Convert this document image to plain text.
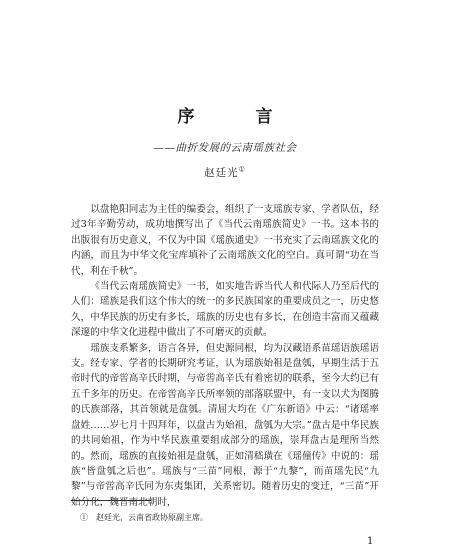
序　言
——曲折发展的云南瑶族社会
赵廷光①

以盘艳阳同志为主任的编委会，组织了一支瑶族专家、学者队伍，经过3年辛勤劳动，成功地撰写出了《当代云南瑶族简史》一书。这本书的出版很有历史意义，不仅为中国《瑶族通史》一书充实了云南瑶族文化的内涵，而且为中华文化宝库填补了云南瑶族文化的空白。真可谓“功在当代，利在千秋”。

《当代云南瑶族简史》一书，如实地告诉当代人和代际人乃至后代的人们：瑶族是我们这个伟大的统一的多民族国家的重要成员之一，历史悠久，中华民族的历史有多长，瑶族的历史也有多长，在创造丰富而又蕴藏深邃的中华文化进程中做出了不可磨灭的贡献。

瑶族支系繁多，语言各异，但史源同根，均为汉藏语系苗瑶语族瑶语支。经专家、学者的长期研究考证，认为瑶族始祖是盘瓠，早期生活于五帝时代的帝喾高辛氏时期，与帝喾高辛氏有着密切的联系，至今大约已有五千多年的历史。在帝喾高辛氏所率领的部落联盟中，有一支以犬为图腾的氏族部落，其首领就是盘瓠。清屈大均在《广东新语》中云：“诸瑶率盘姓……岁七月十四拜年，以盘古为始祖，盘瓠为大宗。”盘古是中华民族的共同始祖，作为中华民族重要组成部分的瑶族，崇拜盘古是理所当然的。然而，瑶族的直接始祖是盘瓠，正如清嵇璜在《瑶僮传》中说的：瑶族“皆盘瓠之后也”。瑶族与“三苗”同根，源于“九黎”，而苗瑶先民“九黎”与帝喾高辛氏同为东夷集团，关系密切。随着历史的变迁，“三苗”开始分化，魏晋南北朝时，

①　赵廷光，云南省政协原副主席。
1
